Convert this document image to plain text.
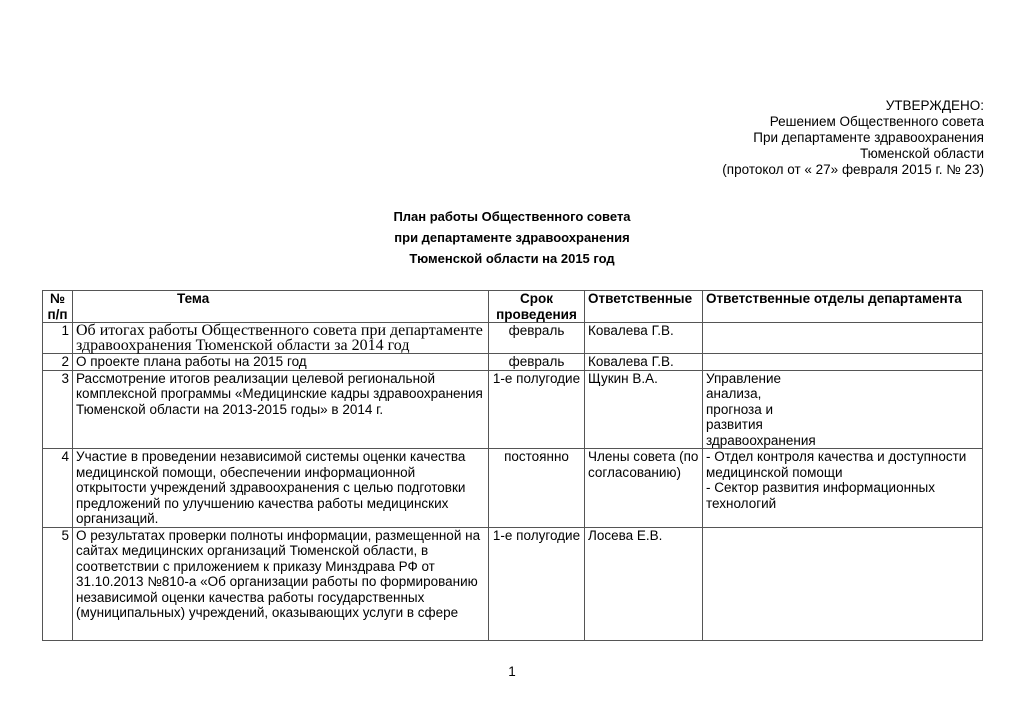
УТВЕРЖДЕНО:
Решением Общественного совета
При департаменте здравоохранения
Тюменской области
(протокол от « 27» февраля 2015 г. № 23)
План работы Общественного совета
при департаменте здравоохранения
Тюменской области на 2015 год
№ п/п	Тема	Срок проведения	Ответственные	Ответственные отделы департамента
1	Об итогах работы Общественного совета при департаменте здравоохранения Тюменской области за 2014 год	февраль	Ковалева Г.В.	
2	О проекте плана работы на 2015 год	февраль	Ковалева Г.В.	
3	Рассмотрение итогов реализации целевой региональной комплексной программы «Медицинские кадры здравоохранения Тюменской области на 2013-2015 годы» в 2014 г.	1-е полугодие	Щукин В.А.	Управление
анализа,
прогноза и
развития
здравоохранения

4	Участие в проведении независимой системы оценки качества медицинской помощи, обеспечении информационной открытости учреждений здравоохранения с целью подготовки предложений по улучшению качества работы медицинских организаций.	постоянно	Члены совета (по согласованию)	- Отдел контроля качества и доступности медицинской помощи
- Сектор развития информационных технологий

5	О результатах проверки полноты информации, размещенной на сайтах медицинских организаций Тюменской области, в соответствии с приложением к приказу Минздрава РФ от 31.10.2013 №810-а «Об организации работы по формированию независимой оценки качества работы государственных (муниципальных) учреждений, оказывающих услуги в сфере	1-е полугодие	Лосева Е.В.	
1
